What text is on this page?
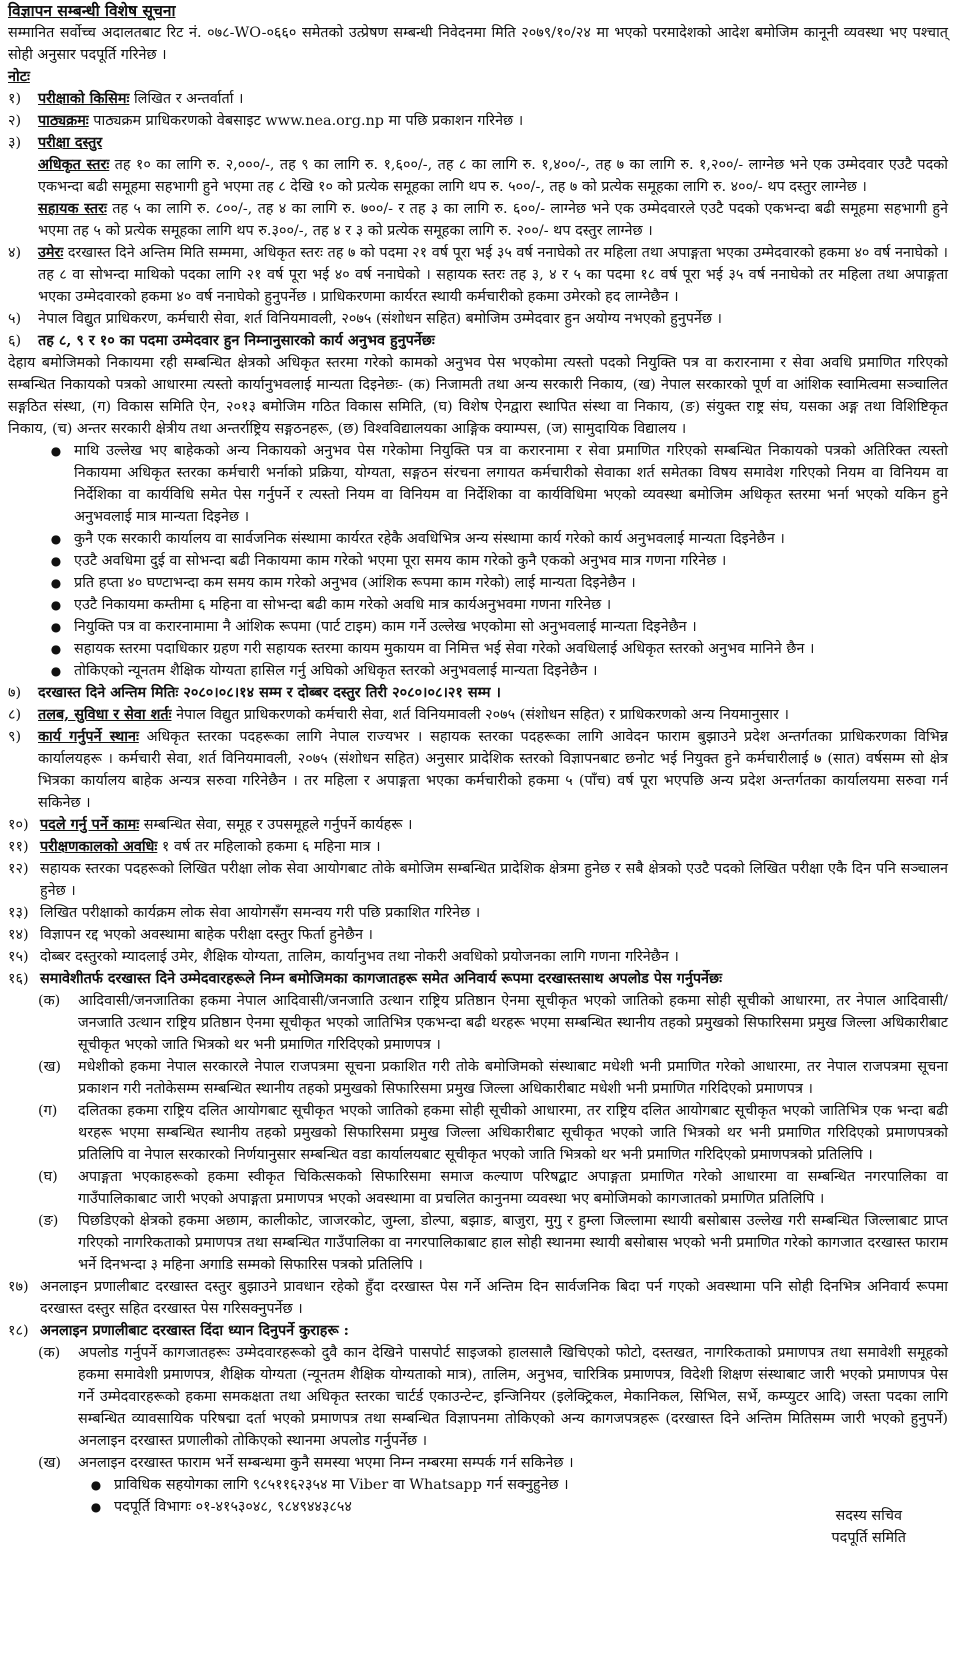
विज्ञापन सम्बन्धी विशेष सूचना

सम्मानित सर्वोच्च अदालतबाट रिट नं. ०७८-WO-०६६० समेतको उत्प्रेषण सम्बन्धी निवेदनमा मिति २०७९/१०/२४ मा भएको परमादेशको आदेश बमोजिम कानूनी व्यवस्था भए पश्चात् सोही अनुसार पदपूर्ति गरिनेछ ।

नोटः
१)	परीक्षाको किसिमः लिखित र अन्तर्वार्ता ।
२)	पाठ्यक्रमः पाठ्यक्रम प्राधिकरणको वेबसाइट www.nea.org.np मा पछि प्रकाशन गरिनेछ ।
३)	परीक्षा दस्तुर
अधिकृत स्तरः तह १० का लागि रु. २,०००/-, तह ९ का लागि रु. १,६००/-, तह ८ का लागि रु. १,४००/-, तह ७ का लागि रु. १,२००/- लाग्नेछ भने एक उम्मेदवार एउटै पदको एकभन्दा बढी समूहमा सहभागी हुने भएमा तह ८ देखि १० को प्रत्येक समूहका लागि थप रु. ५००/-, तह ७ को प्रत्येक समूहका लागि रु. ४००/- थप दस्तुर लाग्नेछ ।
सहायक स्तरः तह ५ का लागि रु. ८००/-, तह ४ का लागि रु. ७००/- र तह ३ का लागि रु. ६००/- लाग्नेछ भने एक उम्मेदवारले एउटै पदको एकभन्दा बढी समूहमा सहभागी हुने भएमा तह ५ को प्रत्येक समूहका लागि थप रु.३००/-, तह ४ र ३ को प्रत्येक समूहका लागि रु. २००/- थप दस्तुर लाग्नेछ ।
४)	उमेरः दरखास्त दिने अन्तिम मिति सम्ममा, अधिकृत स्तरः तह ७ को पदमा २१ वर्ष पूरा भई ३५ वर्ष ननाघेको तर महिला तथा अपाङ्गता भएका उम्मेदवारको हकमा ४० वर्ष ननाघेको । तह ८ वा सोभन्दा माथिको पदका लागि २१ वर्ष पूरा भई ४० वर्ष ननाघेको । सहायक स्तरः तह ३, ४ र ५ का पदमा १८ वर्ष पूरा भई ३५ वर्ष ननाघेको तर महिला तथा अपाङ्गता भएका उम्मेदवारको हकमा ४० वर्ष ननाघेको हुनुपर्नेछ । प्राधिकरणमा कार्यरत स्थायी कर्मचारीको हकमा उमेरको हद लाग्नेछैन ।
५)	नेपाल विद्युत प्राधिकरण, कर्मचारी सेवा, शर्त विनियमावली, २०७५ (संशोधन सहित) बमोजिम उम्मेदवार हुन अयोग्य नभएको हुनुपर्नेछ ।
६)	तह ८, ९ र १० का पदमा उम्मेदवार हुन निम्नानुसारको कार्य अनुभव हुनुपर्नेछः

देहाय बमोजिमको निकायमा रही सम्बन्धित क्षेत्रको अधिकृत स्तरमा गरेको कामको अनुभव पेस भएकोमा त्यस्तो पदको नियुक्ति पत्र वा करारनामा र सेवा अवधि प्रमाणित गरिएको सम्बन्धित निकायको पत्रको आधारमा त्यस्तो कार्यानुभवलाई मान्यता दिइनेछः- (क) निजामती तथा अन्य सरकारी निकाय, (ख) नेपाल सरकारको पूर्ण वा आंशिक स्वामित्वमा सञ्चालित सङ्गठित संस्था, (ग) विकास समिति ऐन, २०१३ बमोजिम गठित विकास समिति, (घ) विशेष ऐनद्वारा स्थापित संस्था वा निकाय, (ङ) संयुक्त राष्ट्र संघ, यसका अङ्ग तथा विशिष्टिकृत निकाय, (च) अन्तर सरकारी क्षेत्रीय तथा अन्तर्राष्ट्रिय सङ्गठनहरू, (छ) विश्वविद्यालयका आङ्गिक क्याम्पस, (ज) सामुदायिक विद्यालय ।

● माथि उल्लेख भए बाहेकको अन्य निकायको अनुभव पेस गरेकोमा नियुक्ति पत्र वा करारनामा र सेवा प्रमाणित गरिएको सम्बन्धित निकायको पत्रको अतिरिक्त त्यस्तो निकायमा अधिकृत स्तरका कर्मचारी भर्नाको प्रक्रिया, योग्यता, सङ्गठन संरचना लगायत कर्मचारीको सेवाका शर्त समेतका विषय समावेश गरिएको नियम वा विनियम वा निर्देशिका वा कार्यविधि समेत पेस गर्नुपर्ने र त्यस्तो नियम वा विनियम वा निर्देशिका वा कार्यविधिमा भएको व्यवस्था बमोजिम अधिकृत स्तरमा भर्ना भएको यकिन हुने अनुभवलाई मात्र मान्यता दिइनेछ ।
● कुनै एक सरकारी कार्यालय वा सार्वजनिक संस्थामा कार्यरत रहेकै अवधिभित्र अन्य संस्थामा कार्य गरेको कार्य अनुभवलाई मान्यता दिइनेछैन ।
● एउटै अवधिमा दुई वा सोभन्दा बढी निकायमा काम गरेको भएमा पूरा समय काम गरेको कुनै एकको अनुभव मात्र गणना गरिनेछ ।
● प्रति हप्ता ४० घण्टाभन्दा कम समय काम गरेको अनुभव (आंशिक रूपमा काम गरेको) लाई मान्यता दिइनेछैन ।
● एउटै निकायमा कम्तीमा ६ महिना वा सोभन्दा बढी काम गरेको अवधि मात्र कार्यअनुभवमा गणना गरिनेछ ।
● नियुक्ति पत्र वा करारनामामा नै आंशिक रूपमा (पार्ट टाइम) काम गर्ने उल्लेख भएकोमा सो अनुभवलाई मान्यता दिइनेछैन ।
● सहायक स्तरमा पदाधिकार ग्रहण गरी सहायक स्तरमा कायम मुकायम वा निमित्त भई सेवा गरेको अवधिलाई अधिकृत स्तरको अनुभव मानिने छैन ।
● तोकिएको न्यूनतम शैक्षिक योग्यता हासिल गर्नु अघिको अधिकृत स्तरको अनुभवलाई मान्यता दिइनेछैन ।
७)	दरखास्त दिने अन्तिम मितिः २०८०।०८।१४ सम्म र दोब्बर दस्तुर तिरी २०८०।०८।२१ सम्म ।
८)	तलब, सुविधा र सेवा शर्तः नेपाल विद्युत प्राधिकरणको कर्मचारी सेवा, शर्त विनियमावली २०७५ (संशोधन सहित) र प्राधिकरणको अन्य नियमानुसार ।
९)	कार्य गर्नुपर्ने स्थानः अधिकृत स्तरका पदहरूका लागि नेपाल राज्यभर । सहायक स्तरका पदहरूका लागि आवेदन फाराम बुझाउने प्रदेश अन्तर्गतका प्राधिकरणका विभिन्न कार्यालयहरू । कर्मचारी सेवा, शर्त विनियमावली, २०७५ (संशोधन सहित) अनुसार प्रादेशिक स्तरको विज्ञापनबाट छनोट भई नियुक्त हुने कर्मचारीलाई ७ (सात) वर्षसम्म सो क्षेत्र भित्रका कार्यालय बाहेक अन्यत्र सरुवा गरिनेछैन । तर महिला र अपाङ्गता भएका कर्मचारीको हकमा ५ (पाँच) वर्ष पूरा भएपछि अन्य प्रदेश अन्तर्गतका कार्यालयमा सरुवा गर्न सकिनेछ ।
१०) पदले गर्नु पर्ने कामः सम्बन्धित सेवा, समूह र उपसमूहले गर्नुपर्ने कार्यहरू ।
११) परीक्षणकालको अवधिः १ वर्ष तर महिलाको हकमा ६ महिना मात्र ।
१२) सहायक स्तरका पदहरूको लिखित परीक्षा लोक सेवा आयोगबाट तोके बमोजिम सम्बन्धित प्रादेशिक क्षेत्रमा हुनेछ र सबै क्षेत्रको एउटै पदको लिखित परीक्षा एकै दिन पनि सञ्चालन हुनेछ ।
१३) लिखित परीक्षाको कार्यक्रम लोक सेवा आयोगसँग समन्वय गरी पछि प्रकाशित गरिनेछ ।
१४) विज्ञापन रद्द भएको अवस्थामा बाहेक परीक्षा दस्तुर फिर्ता हुनेछैन ।
१५) दोब्बर दस्तुरको म्यादलाई उमेर, शैक्षिक योग्यता, तालिम, कार्यानुभव तथा नोकरी अवधिको प्रयोजनका लागि गणना गरिनेछैन ।
१६) समावेशीतर्फ दरखास्त दिने उम्मेदवारहरूले निम्न बमोजिमका कागजातहरू समेत अनिवार्य रूपमा दरखास्तसाथ अपलोड पेस गर्नुपर्नेछः
(क)	आदिवासी/जनजातिका हकमा नेपाल आदिवासी/जनजाति उत्थान राष्ट्रिय प्रतिष्ठान ऐनमा सूचीकृत भएको जातिको हकमा सोही सूचीको आधारमा, तर नेपाल आदिवासी/जनजाति उत्थान राष्ट्रिय प्रतिष्ठान ऐनमा सूचीकृत भएको जातिभित्र एकभन्दा बढी थरहरू भएमा सम्बन्धित स्थानीय तहको प्रमुखको सिफारिसमा प्रमुख जिल्ला अधिकारीबाट सूचीकृत भएको जाति भित्रको थर भनी प्रमाणित गरिदिएको प्रमाणपत्र ।
(ख)	मधेशीको हकमा नेपाल सरकारले नेपाल राजपत्रमा सूचना प्रकाशित गरी तोके बमोजिमको संस्थाबाट मधेशी भनी प्रमाणित गरेको आधारमा, तर नेपाल राजपत्रमा सूचना प्रकाशन गरी नतोकेसम्म सम्बन्धित स्थानीय तहको प्रमुखको सिफारिसमा प्रमुख जिल्ला अधिकारीबाट मधेशी भनी प्रमाणित गरिदिएको प्रमाणपत्र ।
(ग)	दलितका हकमा राष्ट्रिय दलित आयोगबाट सूचीकृत भएको जातिको हकमा सोही सूचीको आधारमा, तर राष्ट्रिय दलित आयोगबाट सूचीकृत भएको जातिभित्र एक भन्दा बढी थरहरू भएमा सम्बन्धित स्थानीय तहको प्रमुखको सिफारिसमा प्रमुख जिल्ला अधिकारीबाट सूचीकृत भएको जाति भित्रको थर भनी प्रमाणित गरिदिएको प्रमाणपत्रको प्रतिलिपि वा नेपाल सरकारको निर्णयानुसार सम्बन्धित वडा कार्यालयबाट सूचीकृत भएको जाति भित्रको थर भनी प्रमाणित गरिदिएको प्रमाणपत्रको प्रतिलिपि ।
(घ)	अपाङ्गता भएकाहरूको हकमा स्वीकृत चिकित्सकको सिफारिसमा समाज कल्याण परिषद्बाट अपाङ्गता प्रमाणित गरेको आधारमा वा सम्बन्धित नगरपालिका वा गाउँपालिकाबाट जारी भएको अपाङ्गता प्रमाणपत्र भएको अवस्थामा वा प्रचलित कानुनमा व्यवस्था भए बमोजिमको कागजातको प्रमाणित प्रतिलिपि ।
(ङ)	पिछडिएको क्षेत्रको हकमा अछाम, कालीकोट, जाजरकोट, जुम्ला, डोल्पा, बझाङ, बाजुरा, मुगु र हुम्ला जिल्लामा स्थायी बसोबास उल्लेख गरी सम्बन्धित जिल्लाबाट प्राप्त गरिएको नागरिकताको प्रमाणपत्र तथा सम्बन्धित गाउँपालिका वा नगरपालिकाबाट हाल सोही स्थानमा स्थायी बसोबास भएको भनी प्रमाणित गरेको कागजात दरखास्त फाराम भर्ने दिनभन्दा ३ महिना अगाडि सम्मको सिफारिस पत्रको प्रतिलिपि ।
१७) अनलाइन प्रणालीबाट दरखास्त दस्तुर बुझाउने प्रावधान रहेको हुँदा दरखास्त पेस गर्ने अन्तिम दिन सार्वजनिक बिदा पर्न गएको अवस्थामा पनि सोही दिनभित्र अनिवार्य रूपमा दरखास्त दस्तुर सहित दरखास्त पेस गरिसक्नुपर्नेछ ।
१८) अनलाइन प्रणालीबाट दरखास्त दिंदा ध्यान दिनुपर्ने कुराहरू :
(क)	अपलोड गर्नुपर्ने कागजातहरूः उम्मेदवारहरूको दुवै कान देखिने पासपोर्ट साइजको हालसालै खिचिएको फोटो, दस्तखत, नागरिकताको प्रमाणपत्र तथा समावेशी समूहको हकमा समावेशी प्रमाणपत्र, शैक्षिक योग्यता (न्यूनतम शैक्षिक योग्यताको मात्र), तालिम, अनुभव, चारित्रिक प्रमाणपत्र, विदेशी शिक्षण संस्थाबाट जारी भएको प्रमाणपत्र पेस गर्ने उम्मेदवारहरूको हकमा समकक्षता तथा अधिकृत स्तरका चार्टर्ड एकाउन्टेन्ट, इन्जिनियर (इलेक्ट्रिकल, मेकानिकल, सिभिल, सर्भे, कम्प्युटर आदि) जस्ता पदका लागि सम्बन्धित व्यावसायिक परिषद्मा दर्ता भएको प्रमाणपत्र तथा सम्बन्धित विज्ञापनमा तोकिएको अन्य कागजपत्रहरू (दरखास्त दिने अन्तिम मितिसम्म जारी भएको हुनुपर्ने) अनलाइन दरखास्त प्रणालीको तोकिएको स्थानमा अपलोड गर्नुपर्नेछ ।
(ख)	अनलाइन दरखास्त फाराम भर्ने सम्बन्धमा कुनै समस्या भएमा निम्न नम्बरमा सम्पर्क गर्न सकिनेछ ।
● प्राविधिक सहयोगका लागि ९८५११६२३५४ मा Viber वा Whatsapp गर्न सक्नुहुनेछ ।
● पदपूर्ति विभागः ०१-४१५३०४८, ९८४९४४३८५४
सदस्य सचिव
पदपूर्ति समिति
